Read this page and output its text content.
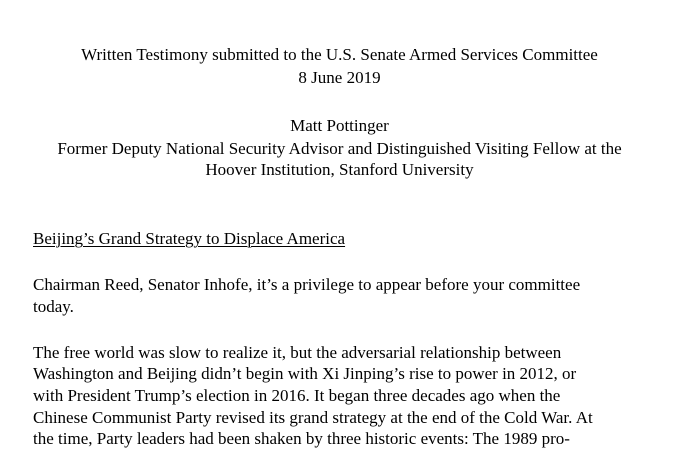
Written Testimony submitted to the U.S. Senate Armed Services Committee
8 June 2019
Matt Pottinger
Former Deputy National Security Advisor and Distinguished Visiting Fellow at the
Hoover Institution, Stanford University
Beijing’s Grand Strategy to Displace America
Chairman Reed, Senator Inhofe, it’s a privilege to appear before your committee
today.
The free world was slow to realize it, but the adversarial relationship between
Washington and Beijing didn’t begin with Xi Jinping’s rise to power in 2012, or
with President Trump’s election in 2016. It began three decades ago when the
Chinese Communist Party revised its grand strategy at the end of the Cold War. At
the time, Party leaders had been shaken by three historic events: The 1989 pro-
